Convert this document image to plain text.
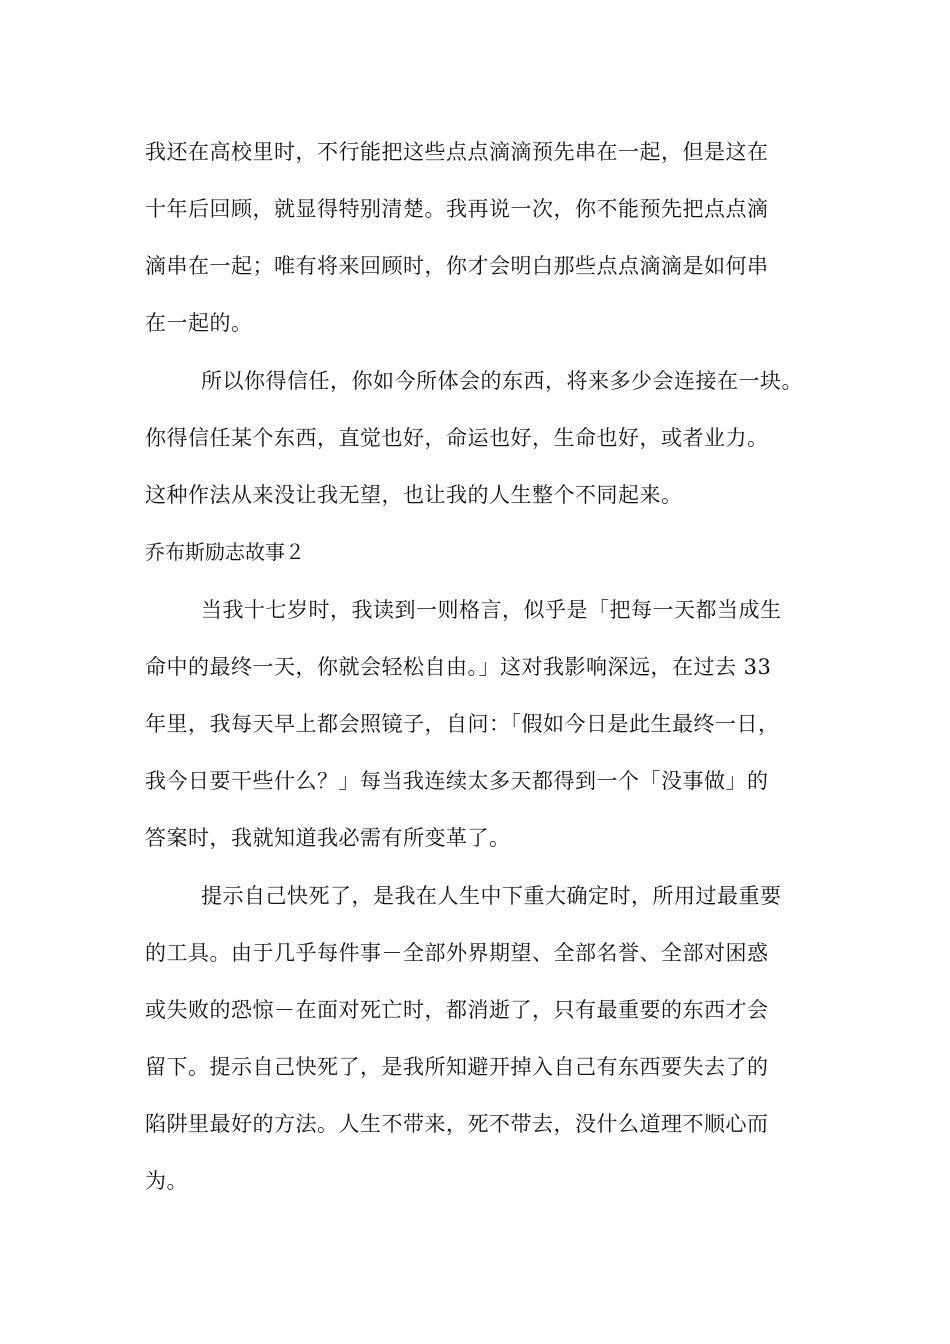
我还在高校里时，不行能把这些点点滴滴预先串在一起，但是这在

十年后回顾，就显得特别清楚。我再说一次，你不能预先把点点滴

滴串在一起；唯有将来回顾时，你才会明白那些点点滴滴是如何串

在一起的。

所以你得信任，你如今所体会的东西，将来多少会连接在一块。

你得信任某个东西，直觉也好，命运也好，生命也好，或者业力。

这种作法从来没让我无望，也让我的人生整个不同起来。

乔布斯励志故事２

当我十七岁时，我读到一则格言，似乎是「把每一天都当成生

命中的最终一天，你就会轻松自由。」这对我影响深远，在过去 33

年里，我每天早上都会照镜子，自问：「假如今日是此生最终一日，

我今日要干些什么？」每当我连续太多天都得到一个「没事做」的

答案时，我就知道我必需有所变革了。

提示自己快死了，是我在人生中下重大确定时，所用过最重要

的工具。由于几乎每件事－全部外界期望、全部名誉、全部对困惑

或失败的恐惊－在面对死亡时，都消逝了，只有最重要的东西才会

留下。提示自己快死了，是我所知避开掉入自己有东西要失去了的

陷阱里最好的方法。人生不带来，死不带去，没什么道理不顺心而

为。
